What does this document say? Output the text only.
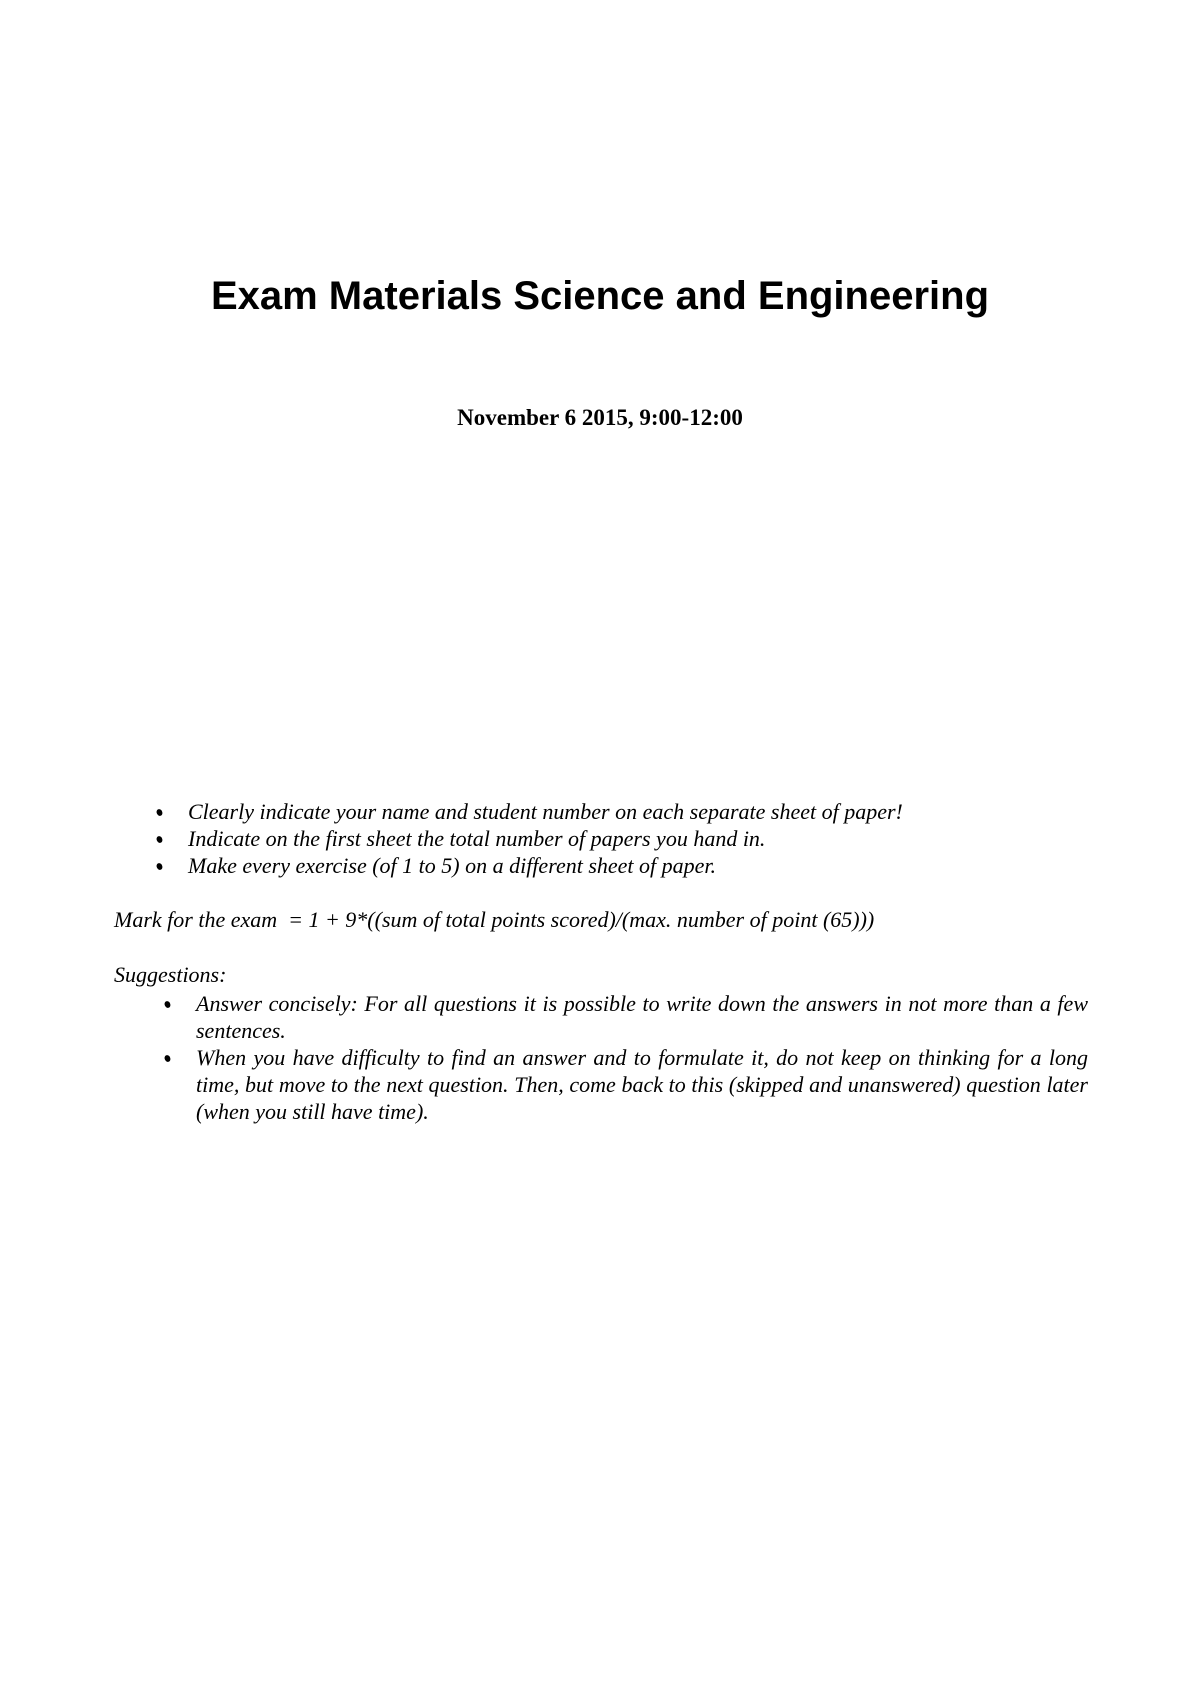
Exam Materials Science and Engineering

November 6 2015, 9:00-12:00

Clearly indicate your name and student number on each separate sheet of paper!
Indicate on the first sheet the total number of papers you hand in.
Make every exercise (of 1 to 5) on a different sheet of paper.

Mark for the exam  = 1 + 9*((sum of total points scored)/(max. number of point (65)))

Suggestions:

Answer concisely: For all questions it is possible to write down the answers in not more than a few sentences.
When you have difficulty to find an answer and to formulate it, do not keep on thinking for a long time, but move to the next question. Then, come back to this (skipped and unanswered) question later (when you still have time).
